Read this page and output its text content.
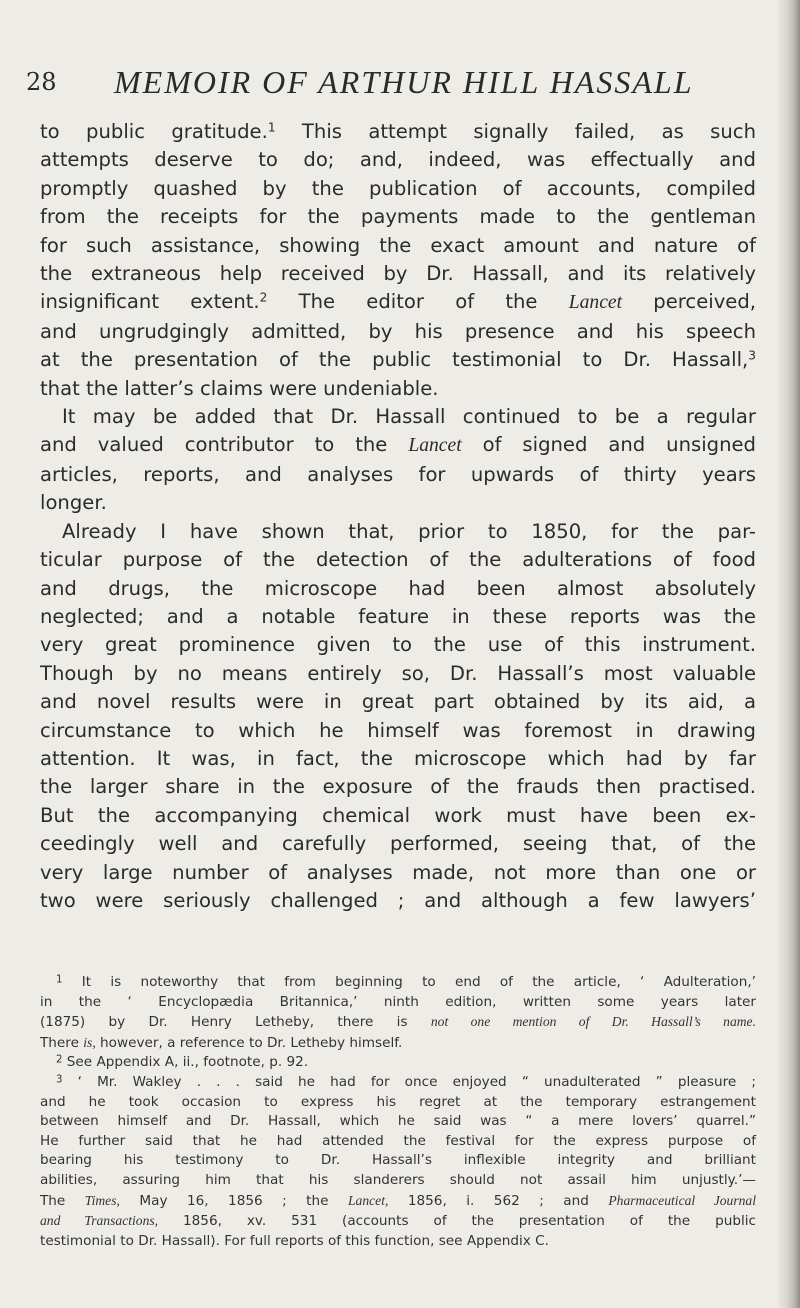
28 MEMOIR OF ARTHUR HILL HASSALL
to public gratitude.$^1$ This attempt signally failed, as such
attempts deserve to do; and, indeed, was effectually and
promptly quashed by the publication of accounts, compiled
from the receipts for the payments made to the gentleman
for such assistance, showing the exact amount and nature of
the extraneous help received by Dr. Hassall, and its relatively
insignificant extent.$^2$ The editor of the Lancet perceived,
and ungrudgingly admitted, by his presence and his speech
at the presentation of the public testimonial to Dr. Hassall,$^3$
that the latter’s claims were undeniable.
It may be added that Dr. Hassall continued to be a regular
and valued contributor to the Lancet of signed and unsigned
articles, reports, and analyses for upwards of thirty years
longer.
Already I have shown that, prior to 1850, for the par-
ticular purpose of the detection of the adulterations of food
and drugs, the microscope had been almost absolutely
neglected; and a notable feature in these reports was the
very great prominence given to the use of this instrument.
Though by no means entirely so, Dr. Hassall’s most valuable
and novel results were in great part obtained by its aid, a
circumstance to which he himself was foremost in drawing
attention. It was, in fact, the microscope which had by far
the larger share in the exposure of the frauds then practised.
But the accompanying chemical work must have been ex-
ceedingly well and carefully performed, seeing that, of the
very large number of analyses made, not more than one or
two were seriously challenged ; and although a few lawyers’
$^1$ It is noteworthy that from beginning to end of the article, ‘ Adulteration,’
in the ‘ Encyclopædia Britannica,’ ninth edition, written some years later
(1875) by Dr. Henry Letheby, there is not one mention of Dr. Hassall’s name.
There is, however, a reference to Dr. Letheby himself.
$^2$ See Appendix A, ii., footnote, p. 92.
$^3$ ‘ Mr. Wakley . . . said he had for once enjoyed “ unadulterated ” pleasure ;
and he took occasion to express his regret at the temporary estrangement
between himself and Dr. Hassall, which he said was “ a mere lovers’ quarrel.”
He further said that he had attended the festival for the express purpose of
bearing his testimony to Dr. Hassall’s inflexible integrity and brilliant
abilities, assuring him that his slanderers should not assail him unjustly.’—
The Times, May 16, 1856 ; the Lancet, 1856, i. 562 ; and Pharmaceutical Journal
and Transactions, 1856, xv. 531 (accounts of the presentation of the public
testimonial to Dr. Hassall). For full reports of this function, see Appendix C.
